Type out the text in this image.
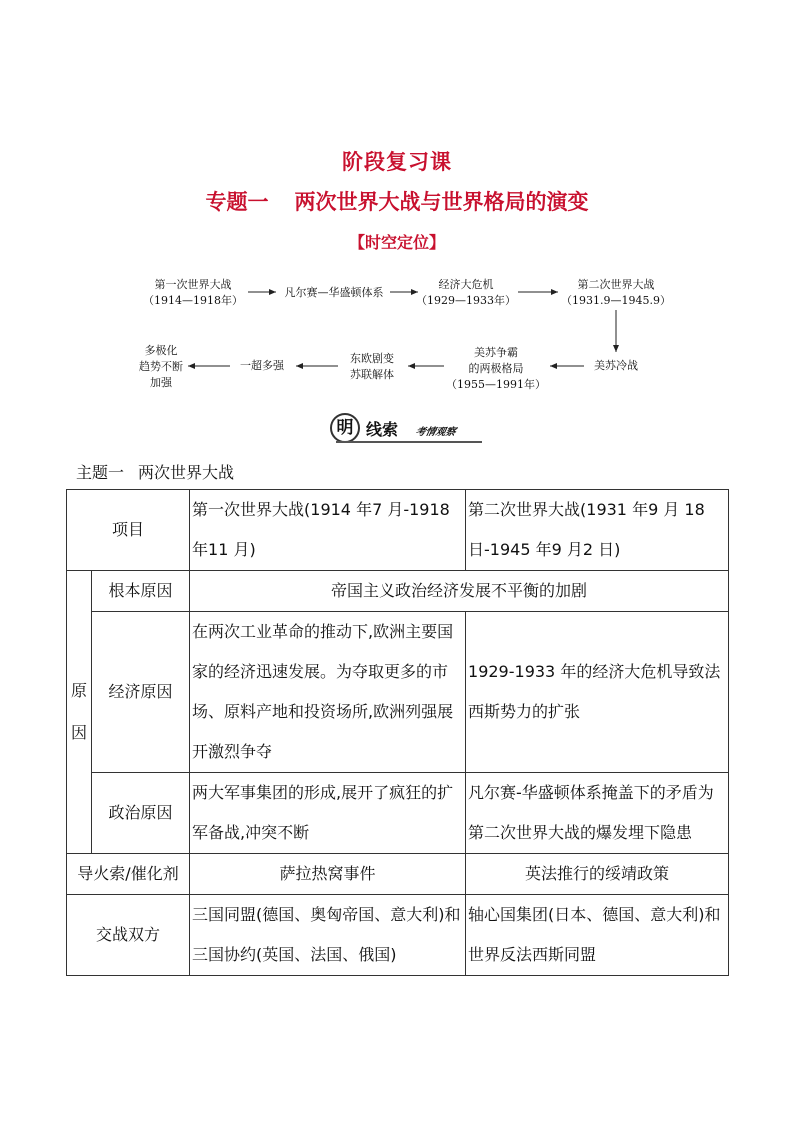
阶段复习课
专题一 两次世界大战与世界格局的演变
【时空定位】
第一次世界大战
（1914—1918年）
凡尔赛—华盛顿体系
经济大危机
（1929—1933年）
第二次世界大战
（1931.9—1945.9）
美苏冷战
美苏争霸
的两极格局
（1955—1991年）
东欧剧变
苏联解体
一超多强
多极化
趋势不断
加强
明 线索 考情观察
主题一 两次世界大战
项目		第一次世界大战(1914 年7 月-1918 年11 月)	第二次世界大战(1931 年9 月 18 日-1945 年9 月2 日)

原
因	根本原因	帝国主义政治经济发展不平衡的加剧	
	经济原因	在两次工业革命的推动下,欧洲主要国家的经济迅速发展。为夺取更多的市场、原料产地和投资场所,欧洲列强展开激烈争夺	1929-1933 年的经济大危机导致法西斯势力的扩张
	政治原因	两大军事集团的形成,展开了疯狂的扩军备战,冲突不断	凡尔赛-华盛顿体系掩盖下的矛盾为第二次世界大战的爆发埋下隐患
导火索/催化剂		萨拉热窝事件	英法推行的绥靖政策
交战双方		三国同盟(德国、奥匈帝国、意大利)和三国协约(英国、法国、俄国)	轴心国集团(日本、德国、意大利)和世界反法西斯同盟
